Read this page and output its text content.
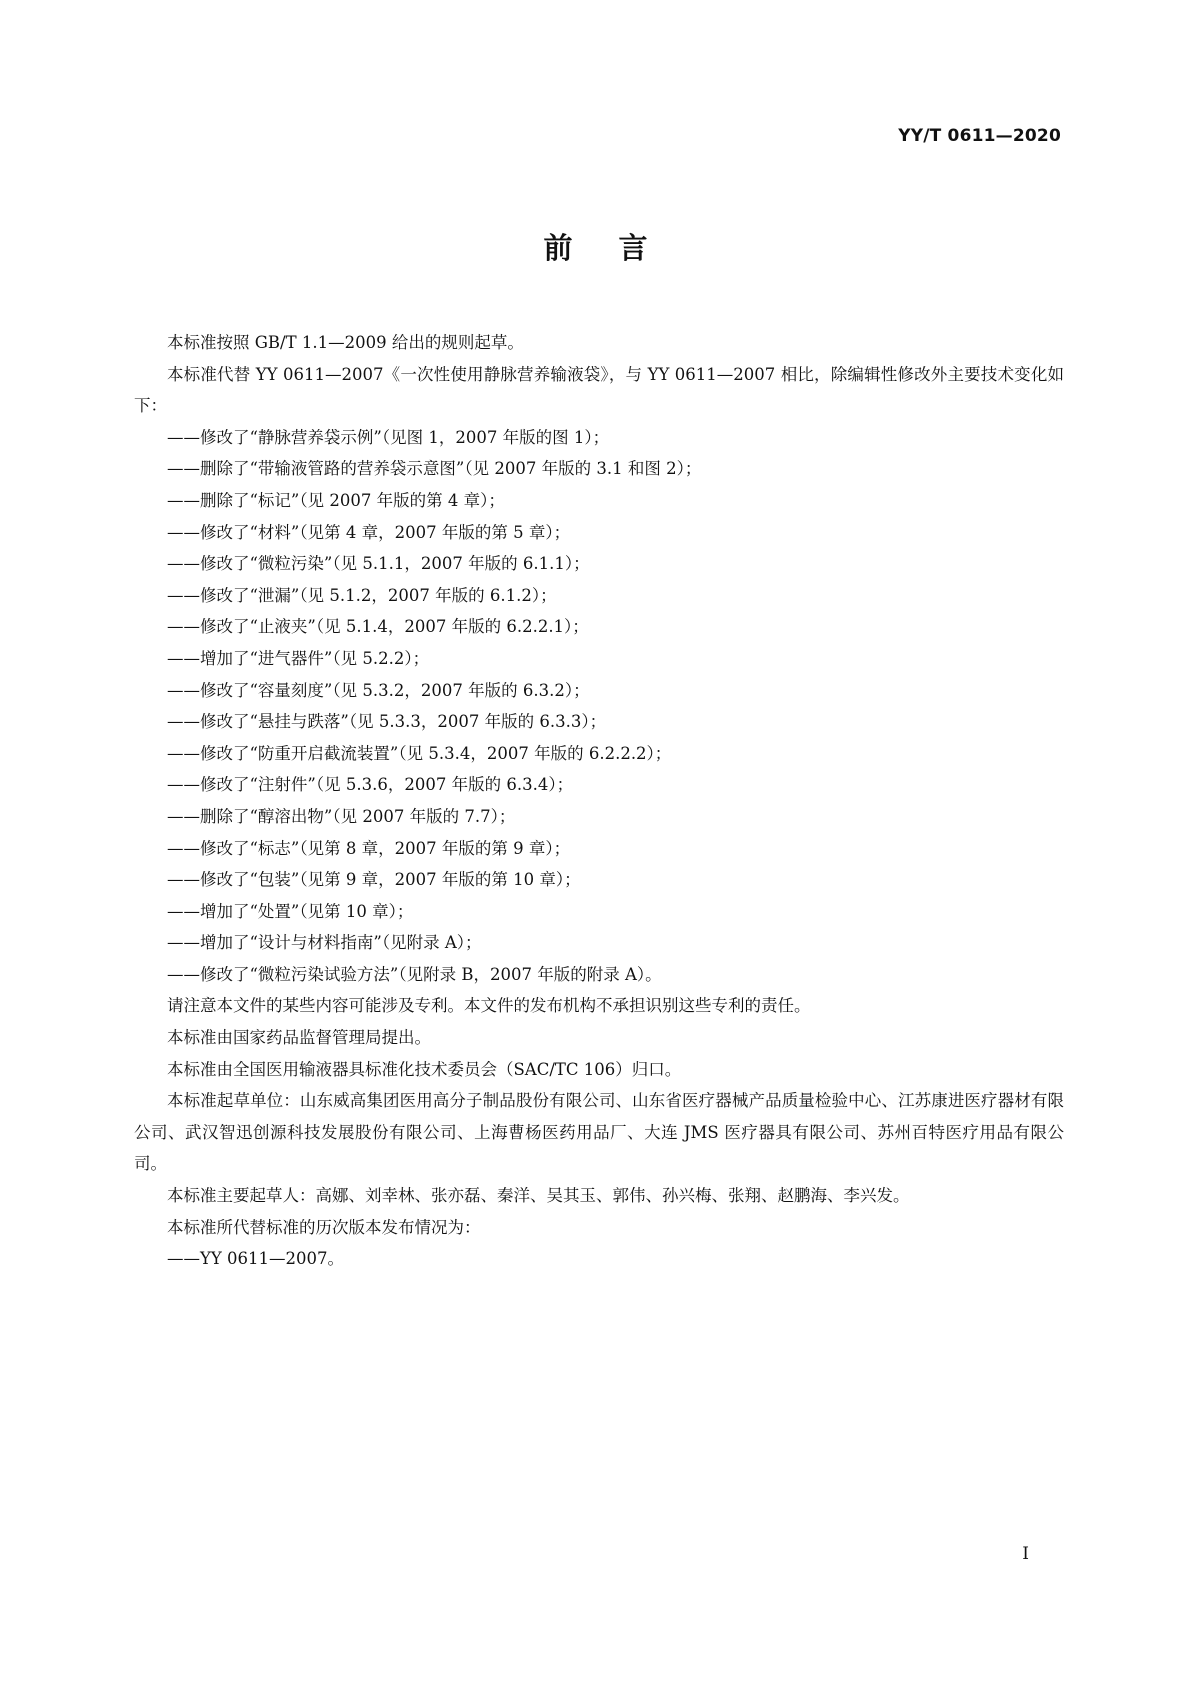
YY/T 0611—2020
前言

本标准按照 GB/T 1.1—2009 给出的规则起草。

本标准代替 YY 0611—2007《一次性使用静脉营养输液袋》，与 YY 0611—2007 相比，除编辑性修改外主要技术变化如下：

——修改了“静脉营养袋示例”（见图 1，2007 年版的图 1）；

——删除了“带输液管路的营养袋示意图”（见 2007 年版的 3.1 和图 2）；

——删除了“标记”（见 2007 年版的第 4 章）；

——修改了“材料”（见第 4 章，2007 年版的第 5 章）；

——修改了“微粒污染”（见 5.1.1，2007 年版的 6.1.1）；

——修改了“泄漏”（见 5.1.2，2007 年版的 6.1.2）；

——修改了“止液夹”（见 5.1.4，2007 年版的 6.2.2.1）；

——增加了“进气器件”（见 5.2.2）；

——修改了“容量刻度”（见 5.3.2，2007 年版的 6.3.2）；

——修改了“悬挂与跌落”（见 5.3.3，2007 年版的 6.3.3）；

——修改了“防重开启截流装置”（见 5.3.4，2007 年版的 6.2.2.2）；

——修改了“注射件”（见 5.3.6，2007 年版的 6.3.4）；

——删除了“醇溶出物”（见 2007 年版的 7.7）；

——修改了“标志”（见第 8 章，2007 年版的第 9 章）；

——修改了“包装”（见第 9 章，2007 年版的第 10 章）；

——增加了“处置”（见第 10 章）；

——增加了“设计与材料指南”（见附录 A）；

——修改了“微粒污染试验方法”（见附录 B，2007 年版的附录 A）。

请注意本文件的某些内容可能涉及专利。本文件的发布机构不承担识别这些专利的责任。

本标准由国家药品监督管理局提出。

本标准由全国医用输液器具标准化技术委员会（SAC/TC 106）归口。

本标准起草单位：山东威高集团医用高分子制品股份有限公司、山东省医疗器械产品质量检验中心、江苏康进医疗器材有限公司、武汉智迅创源科技发展股份有限公司、上海曹杨医药用品厂、大连 JMS 医疗器具有限公司、苏州百特医疗用品有限公司。

本标准主要起草人：高娜、刘幸林、张亦磊、秦洋、吴其玉、郭伟、孙兴梅、张翔、赵鹏海、李兴发。

本标准所代替标准的历次版本发布情况为：

——YY 0611—2007。

I
